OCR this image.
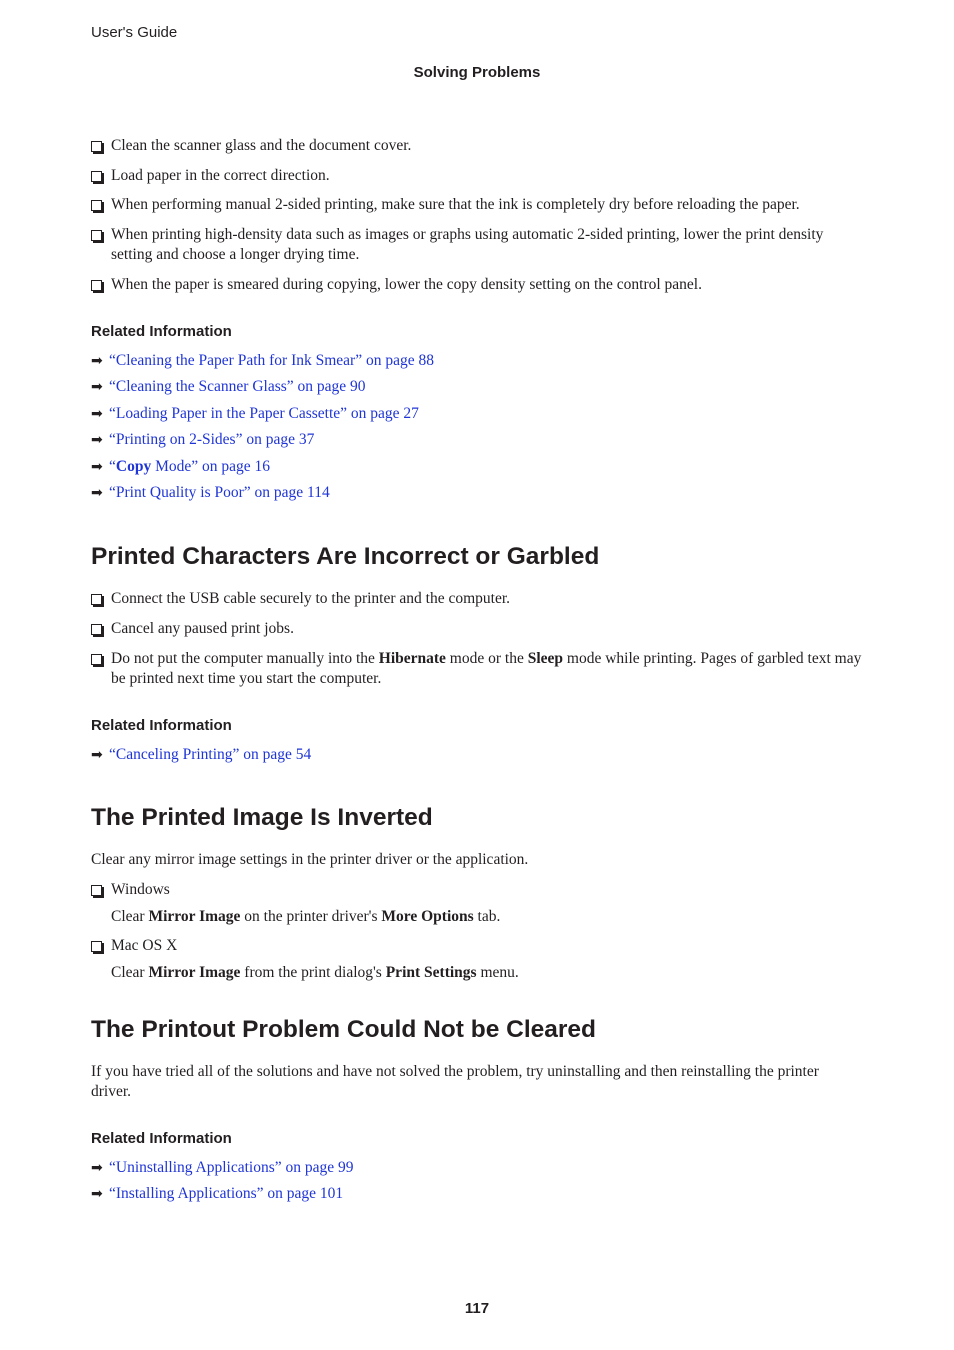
User's Guide
Solving Problems
Clean the scanner glass and the document cover.
Load paper in the correct direction.
When performing manual 2-sided printing, make sure that the ink is completely dry before reloading the paper.
When printing high-density data such as images or graphs using automatic 2-sided printing, lower the print density setting and choose a longer drying time.
When the paper is smeared during copying, lower the copy density setting on the control panel.
Related Information
➡ “Cleaning the Paper Path for Ink Smear” on page 88
➡ “Cleaning the Scanner Glass” on page 90
➡ “Loading Paper in the Paper Cassette” on page 27
➡ “Printing on 2-Sides” on page 37
➡ “Copy Mode” on page 16
➡ “Print Quality is Poor” on page 114
Printed Characters Are Incorrect or Garbled
Connect the USB cable securely to the printer and the computer.
Cancel any paused print jobs.
Do not put the computer manually into the Hibernate mode or the Sleep mode while printing. Pages of garbled text may be printed next time you start the computer.
Related Information
➡ “Canceling Printing” on page 54
The Printed Image Is Inverted
Clear any mirror image settings in the printer driver or the application.
Windows
Clear Mirror Image on the printer driver's More Options tab.
Mac OS X
Clear Mirror Image from the print dialog's Print Settings menu.
The Printout Problem Could Not be Cleared
If you have tried all of the solutions and have not solved the problem, try uninstalling and then reinstalling the printer driver.
Related Information
➡ “Uninstalling Applications” on page 99
➡ “Installing Applications” on page 101
117
